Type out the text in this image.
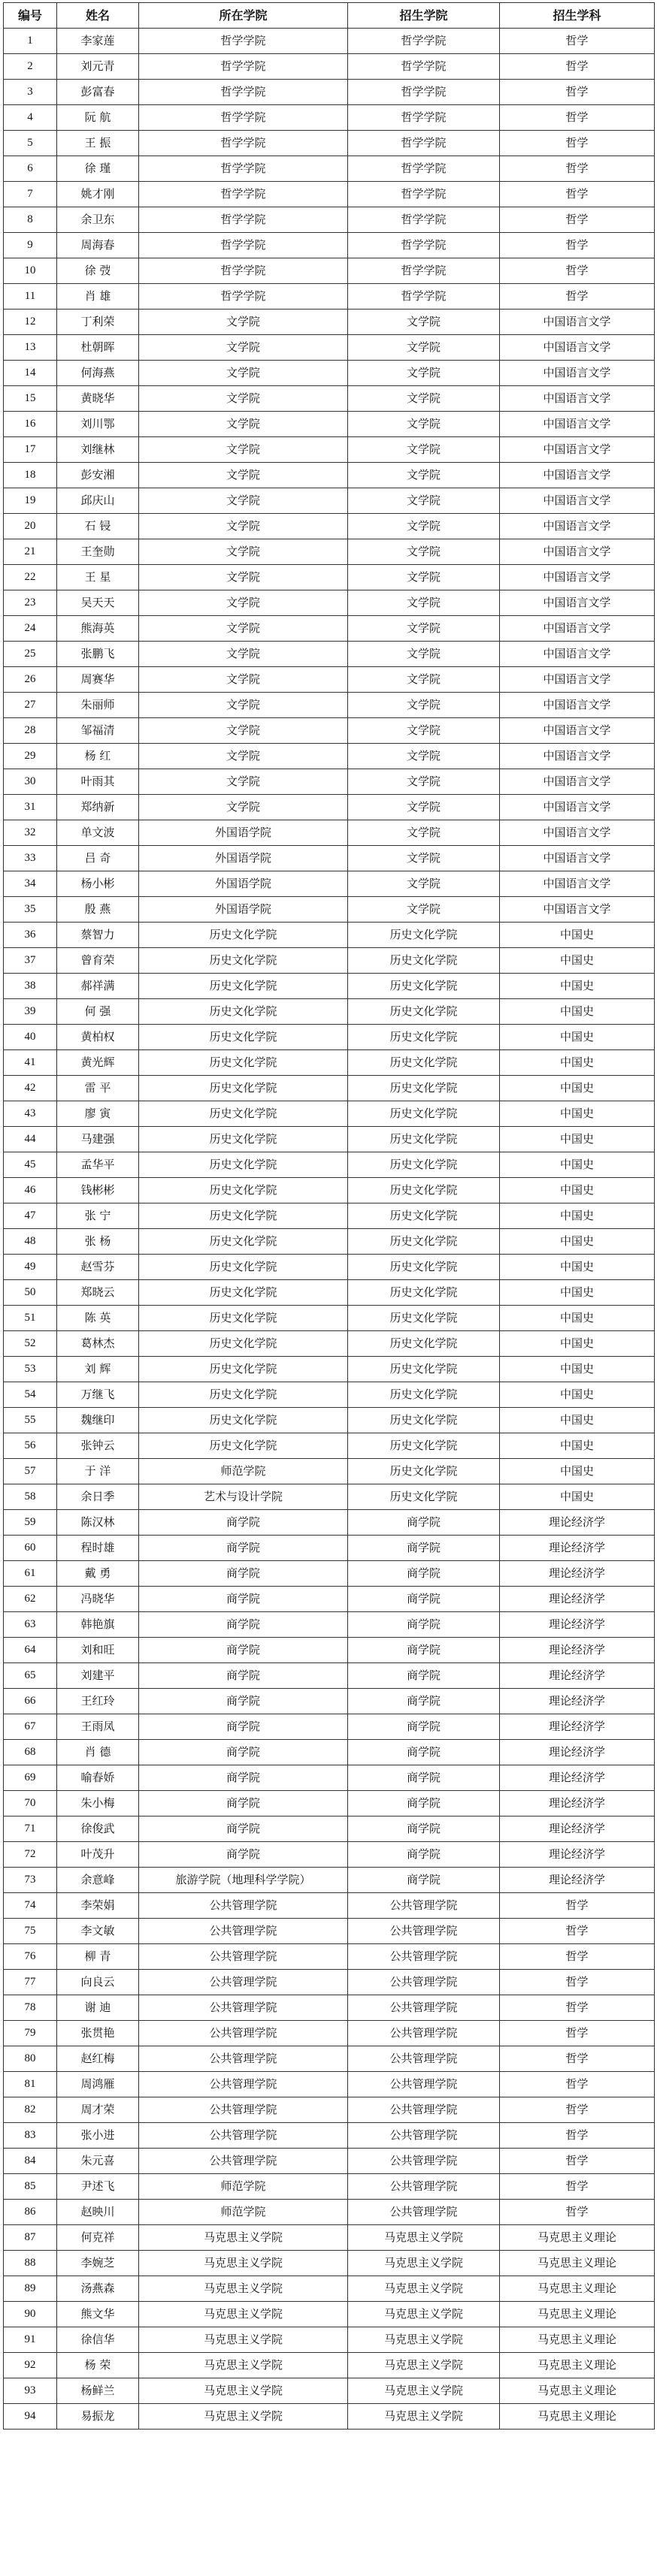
编号	姓名	所在学院	招生学院	招生学科
1	李家莲	哲学学院	哲学学院	哲学
2	刘元青	哲学学院	哲学学院	哲学
3	彭富春	哲学学院	哲学学院	哲学
4	阮 航	哲学学院	哲学学院	哲学
5	王 振	哲学学院	哲学学院	哲学
6	徐 瑾	哲学学院	哲学学院	哲学
7	姚才刚	哲学学院	哲学学院	哲学
8	余卫东	哲学学院	哲学学院	哲学
9	周海春	哲学学院	哲学学院	哲学
10	徐 弢	哲学学院	哲学学院	哲学
11	肖 雄	哲学学院	哲学学院	哲学
12	丁利荣	文学院	文学院	中国语言文学
13	杜朝晖	文学院	文学院	中国语言文学
14	何海燕	文学院	文学院	中国语言文学
15	黄晓华	文学院	文学院	中国语言文学
16	刘川鄂	文学院	文学院	中国语言文学
17	刘继林	文学院	文学院	中国语言文学
18	彭安湘	文学院	文学院	中国语言文学
19	邱庆山	文学院	文学院	中国语言文学
20	石 锓	文学院	文学院	中国语言文学
21	王奎勋	文学院	文学院	中国语言文学
22	王 星	文学院	文学院	中国语言文学
23	吴天天	文学院	文学院	中国语言文学
24	熊海英	文学院	文学院	中国语言文学
25	张鹏飞	文学院	文学院	中国语言文学
26	周赛华	文学院	文学院	中国语言文学
27	朱丽师	文学院	文学院	中国语言文学
28	邹福清	文学院	文学院	中国语言文学
29	杨 红	文学院	文学院	中国语言文学
30	叶雨其	文学院	文学院	中国语言文学
31	郑纳新	文学院	文学院	中国语言文学
32	单文波	外国语学院	文学院	中国语言文学
33	吕 奇	外国语学院	文学院	中国语言文学
34	杨小彬	外国语学院	文学院	中国语言文学
35	殷 燕	外国语学院	文学院	中国语言文学
36	蔡智力	历史文化学院	历史文化学院	中国史
37	曾育荣	历史文化学院	历史文化学院	中国史
38	郝祥满	历史文化学院	历史文化学院	中国史
39	何 强	历史文化学院	历史文化学院	中国史
40	黄柏权	历史文化学院	历史文化学院	中国史
41	黄光辉	历史文化学院	历史文化学院	中国史
42	雷 平	历史文化学院	历史文化学院	中国史
43	廖 寅	历史文化学院	历史文化学院	中国史
44	马建强	历史文化学院	历史文化学院	中国史
45	孟华平	历史文化学院	历史文化学院	中国史
46	钱彬彬	历史文化学院	历史文化学院	中国史
47	张 宁	历史文化学院	历史文化学院	中国史
48	张 杨	历史文化学院	历史文化学院	中国史
49	赵雪芬	历史文化学院	历史文化学院	中国史
50	郑晓云	历史文化学院	历史文化学院	中国史
51	陈 英	历史文化学院	历史文化学院	中国史
52	葛林杰	历史文化学院	历史文化学院	中国史
53	刘 辉	历史文化学院	历史文化学院	中国史
54	万继飞	历史文化学院	历史文化学院	中国史
55	魏继印	历史文化学院	历史文化学院	中国史
56	张钟云	历史文化学院	历史文化学院	中国史
57	于 洋	师范学院	历史文化学院	中国史
58	余日季	艺术与设计学院	历史文化学院	中国史
59	陈汉林	商学院	商学院	理论经济学
60	程时雄	商学院	商学院	理论经济学
61	戴 勇	商学院	商学院	理论经济学
62	冯晓华	商学院	商学院	理论经济学
63	韩艳旗	商学院	商学院	理论经济学
64	刘和旺	商学院	商学院	理论经济学
65	刘建平	商学院	商学院	理论经济学
66	王红玲	商学院	商学院	理论经济学
67	王雨凤	商学院	商学院	理论经济学
68	肖 德	商学院	商学院	理论经济学
69	喻春娇	商学院	商学院	理论经济学
70	朱小梅	商学院	商学院	理论经济学
71	徐俊武	商学院	商学院	理论经济学
72	叶茂升	商学院	商学院	理论经济学
73	余意峰	旅游学院（地理科学学院）	商学院	理论经济学
74	李荣娟	公共管理学院	公共管理学院	哲学
75	李文敏	公共管理学院	公共管理学院	哲学
76	柳 青	公共管理学院	公共管理学院	哲学
77	向良云	公共管理学院	公共管理学院	哲学
78	谢 迪	公共管理学院	公共管理学院	哲学
79	张贯艳	公共管理学院	公共管理学院	哲学
80	赵红梅	公共管理学院	公共管理学院	哲学
81	周鸿雁	公共管理学院	公共管理学院	哲学
82	周才荣	公共管理学院	公共管理学院	哲学
83	张小进	公共管理学院	公共管理学院	哲学
84	朱元喜	公共管理学院	公共管理学院	哲学
85	尹述飞	师范学院	公共管理学院	哲学
86	赵映川	师范学院	公共管理学院	哲学
87	何克祥	马克思主义学院	马克思主义学院	马克思主义理论
88	李婉芝	马克思主义学院	马克思主义学院	马克思主义理论
89	汤燕森	马克思主义学院	马克思主义学院	马克思主义理论
90	熊文华	马克思主义学院	马克思主义学院	马克思主义理论
91	徐信华	马克思主义学院	马克思主义学院	马克思主义理论
92	杨 荣	马克思主义学院	马克思主义学院	马克思主义理论
93	杨鲜兰	马克思主义学院	马克思主义学院	马克思主义理论
94	易振龙	马克思主义学院	马克思主义学院	马克思主义理论
